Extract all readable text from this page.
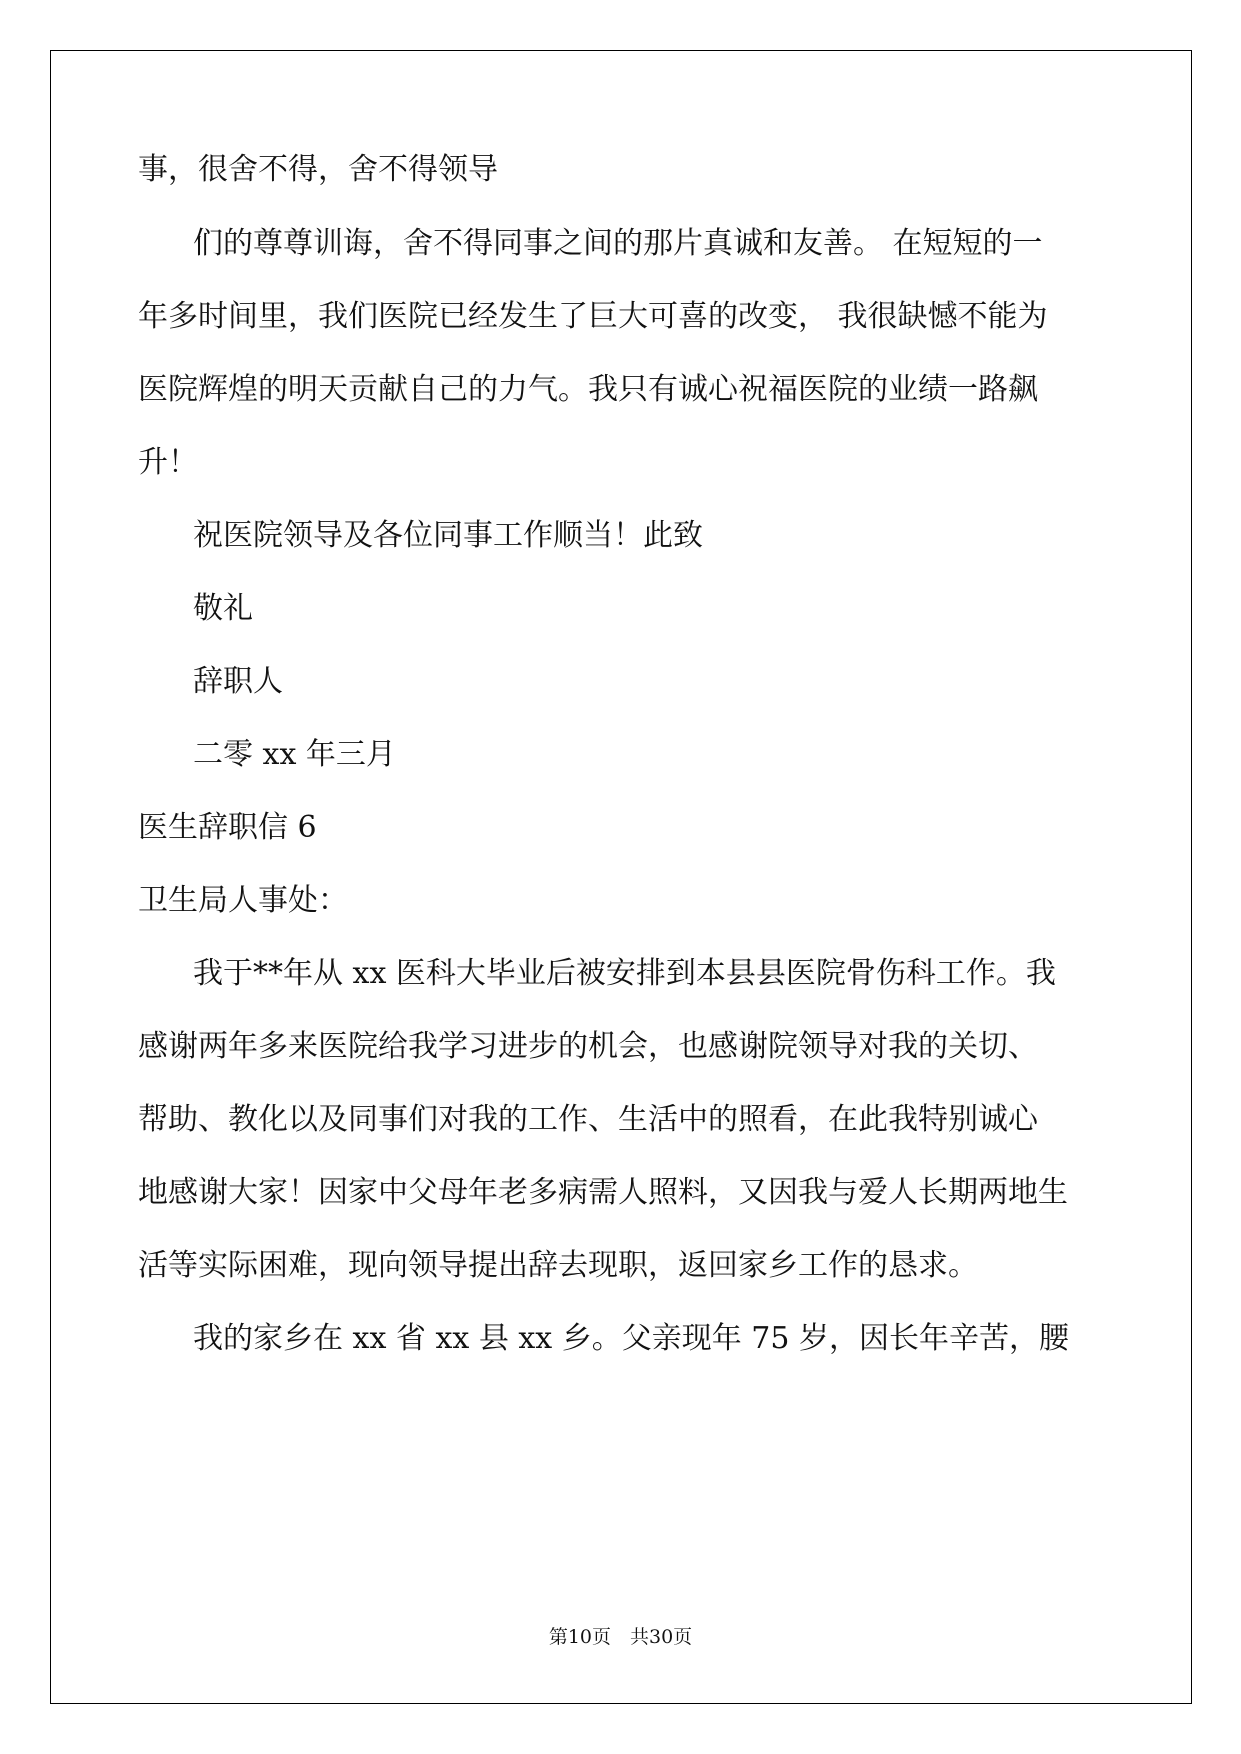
事，很舍不得，舍不得领导
们的尊尊训诲，舍不得同事之间的那片真诚和友善。 在短短的一
年多时间里，我们医院已经发生了巨大可喜的改变， 我很缺憾不能为
医院辉煌的明天贡献自己的力气。我只有诚心祝福医院的业绩一路飙
升！
祝医院领导及各位同事工作顺当！此致
敬礼
辞职人
二零 xx 年三月
医生辞职信 6
卫生局人事处：
我于**年从 xx 医科大毕业后被安排到本县县医院骨伤科工作。我
感谢两年多来医院给我学习进步的机会，也感谢院领导对我的关切、
帮助、教化以及同事们对我的工作、生活中的照看，在此我特别诚心
地感谢大家！因家中父母年老多病需人照料，又因我与爱人长期两地生
活等实际困难，现向领导提出辞去现职，返回家乡工作的恳求。
我的家乡在 xx 省 xx 县 xx 乡。父亲现年 75 岁，因长年辛苦，腰
第10页　共30页
